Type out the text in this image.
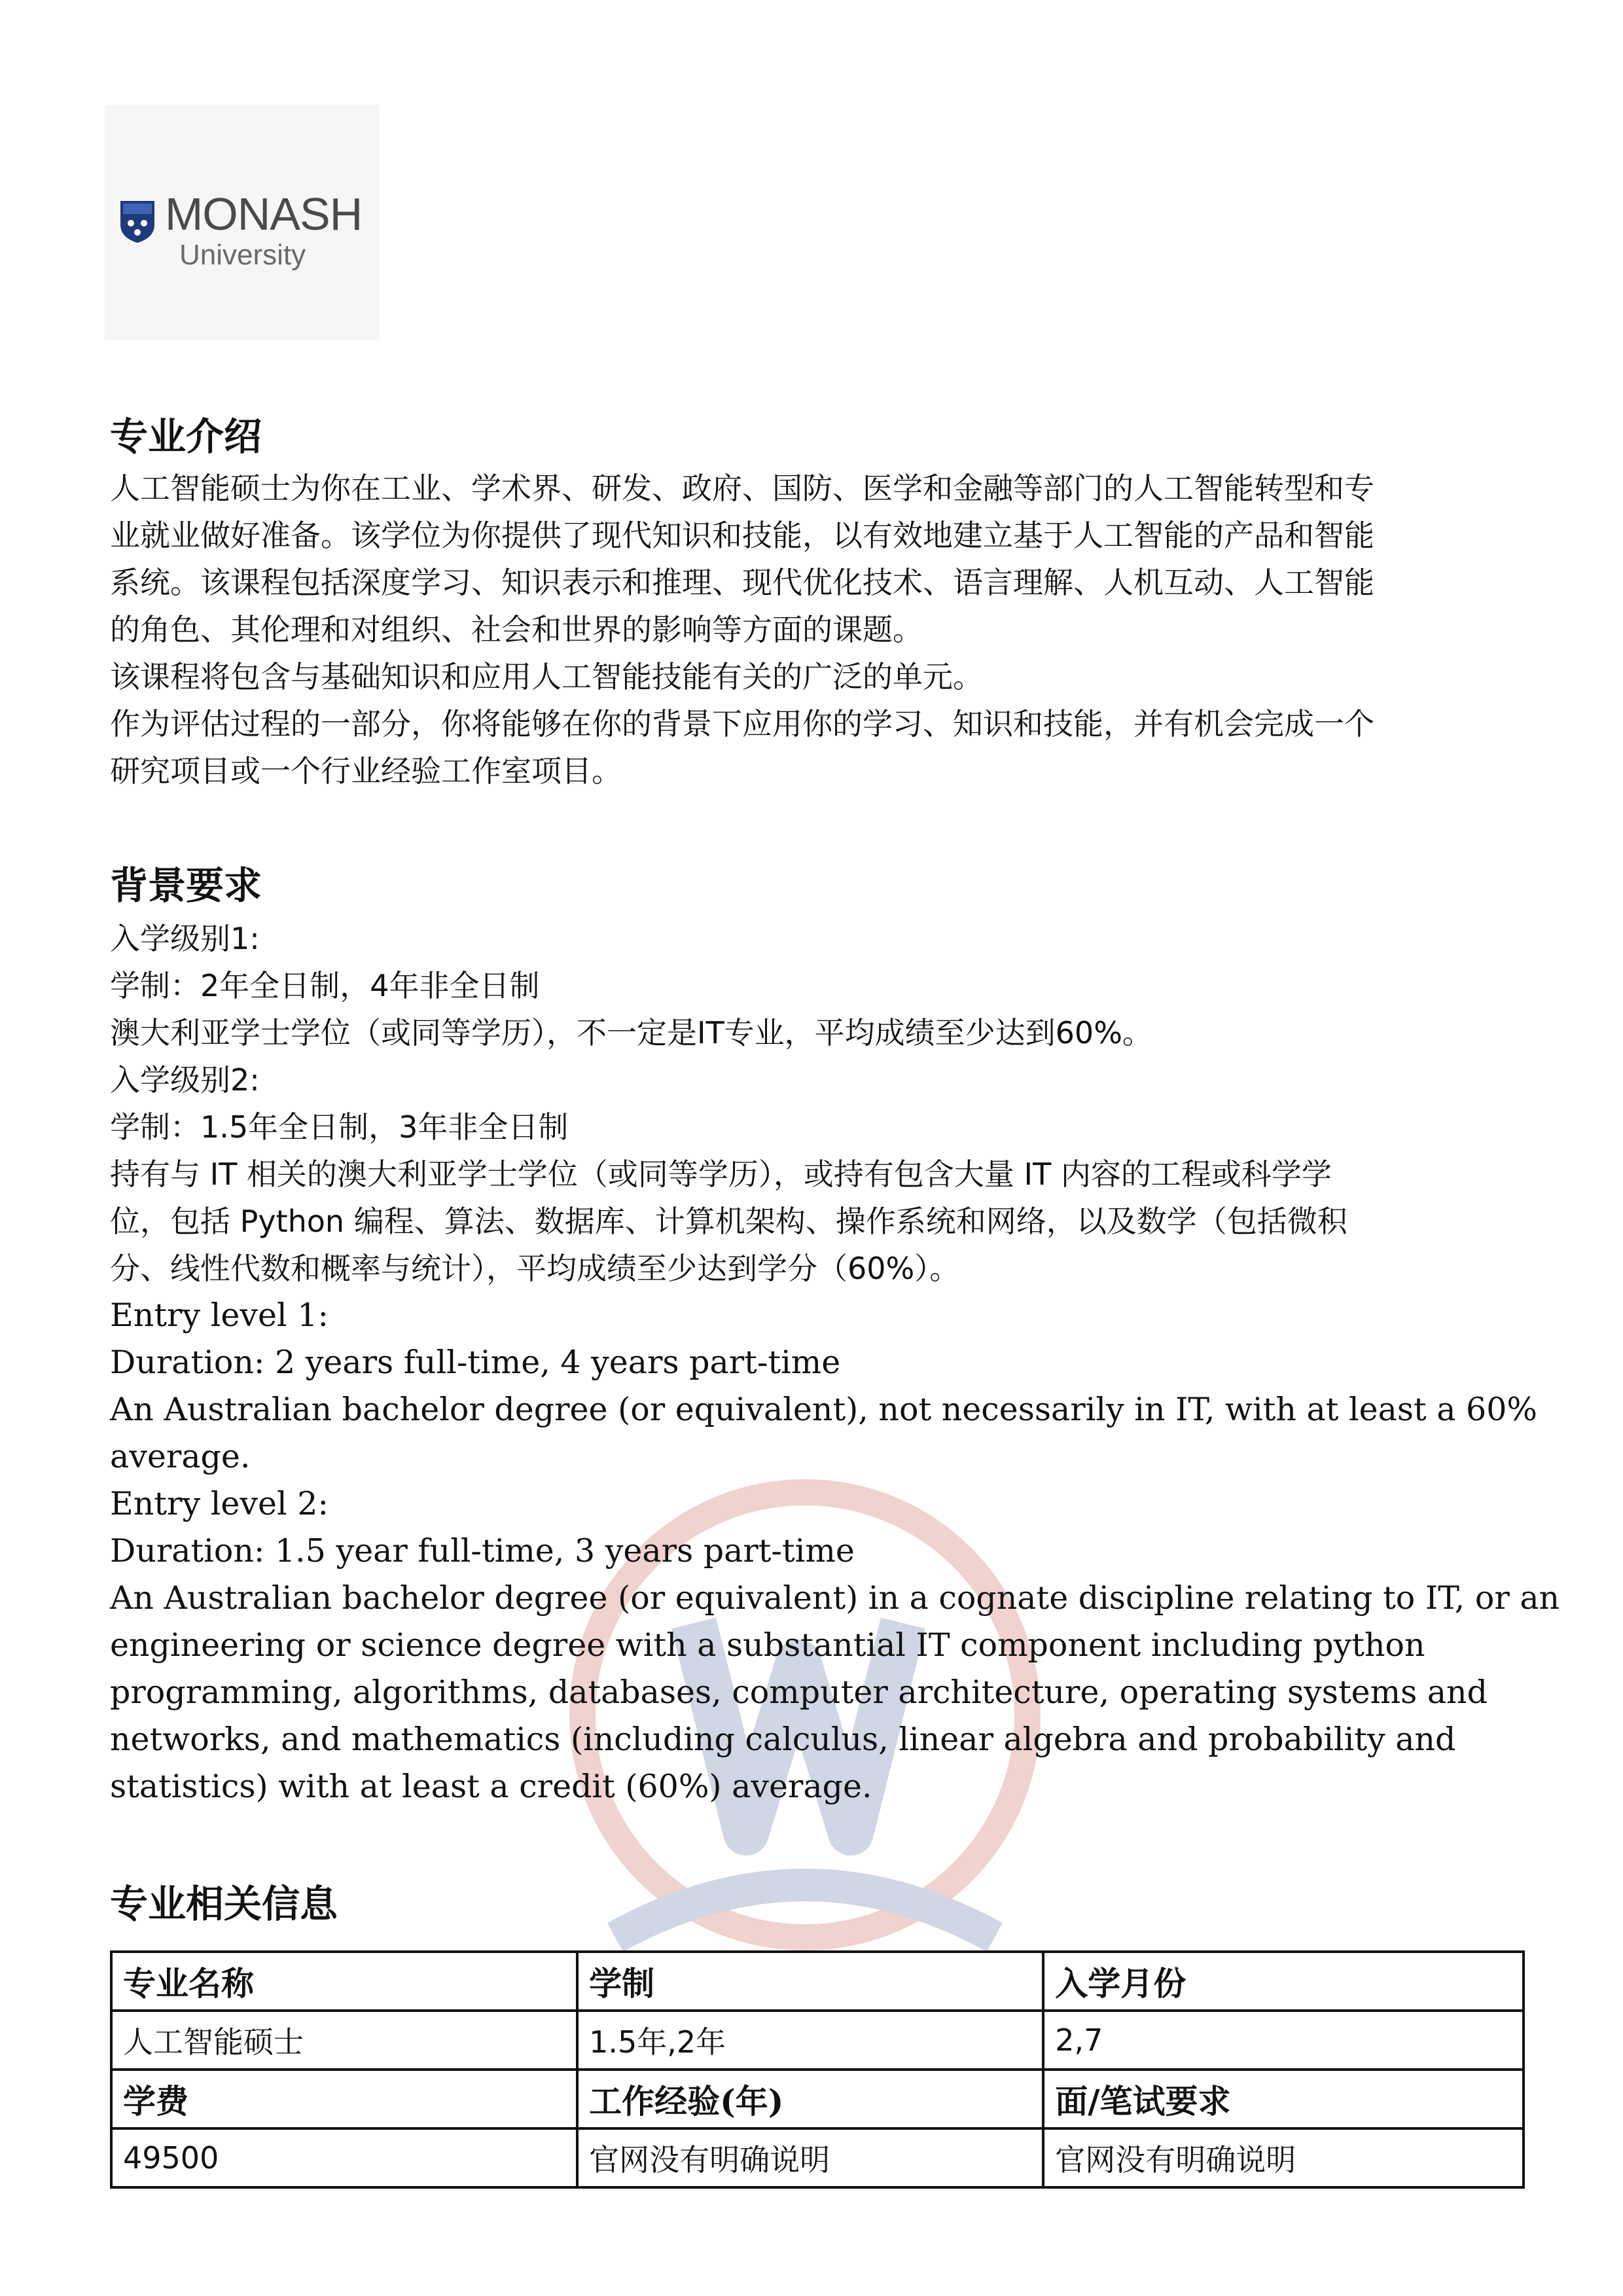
MONASH
University
专业介绍
人工智能硕士为你在工业、学术界、研发、政府、国防、医学和金融等部门的人工智能转型和专
业就业做好准备。该学位为你提供了现代知识和技能，以有效地建立基于人工智能的产品和智能
系统。该课程包括深度学习、知识表示和推理、现代优化技术、语言理解、人机互动、人工智能
的角色、其伦理和对组织、社会和世界的影响等方面的课题。
该课程将包含与基础知识和应用人工智能技能有关的广泛的单元。
作为评估过程的一部分，你将能够在你的背景下应用你的学习、知识和技能，并有机会完成一个
研究项目或一个行业经验工作室项目。
背景要求
入学级别1:
学制：2年全日制，4年非全日制
澳大利亚学士学位（或同等学历），不一定是IT专业，平均成绩至少达到60%。
入学级别2:
学制：1.5年全日制，3年非全日制
持有与 IT 相关的澳大利亚学士学位（或同等学历），或持有包含大量 IT 内容的工程或科学学
位，包括 Python 编程、算法、数据库、计算机架构、操作系统和网络，以及数学（包括微积
分、线性代数和概率与统计），平均成绩至少达到学分（60%）。
Entry level 1:
Duration: 2 years full-time, 4 years part-time
An Australian bachelor degree (or equivalent), not necessarily in IT, with at least a 60%
average.
Entry level 2:
Duration: 1.5 year full-time, 3 years part-time
An Australian bachelor degree (or equivalent) in a cognate discipline relating to IT, or an
engineering or science degree with a substantial IT component including python
programming, algorithms, databases, computer architecture, operating systems and
networks, and mathematics (including calculus, linear algebra and probability and
statistics) with at least a credit (60%) average.
专业相关信息
专业名称	学制	入学月份
人工智能硕士	1.5年,2年	2,7
学费	工作经验(年)	面/笔试要求
49500	官网没有明确说明	官网没有明确说明
